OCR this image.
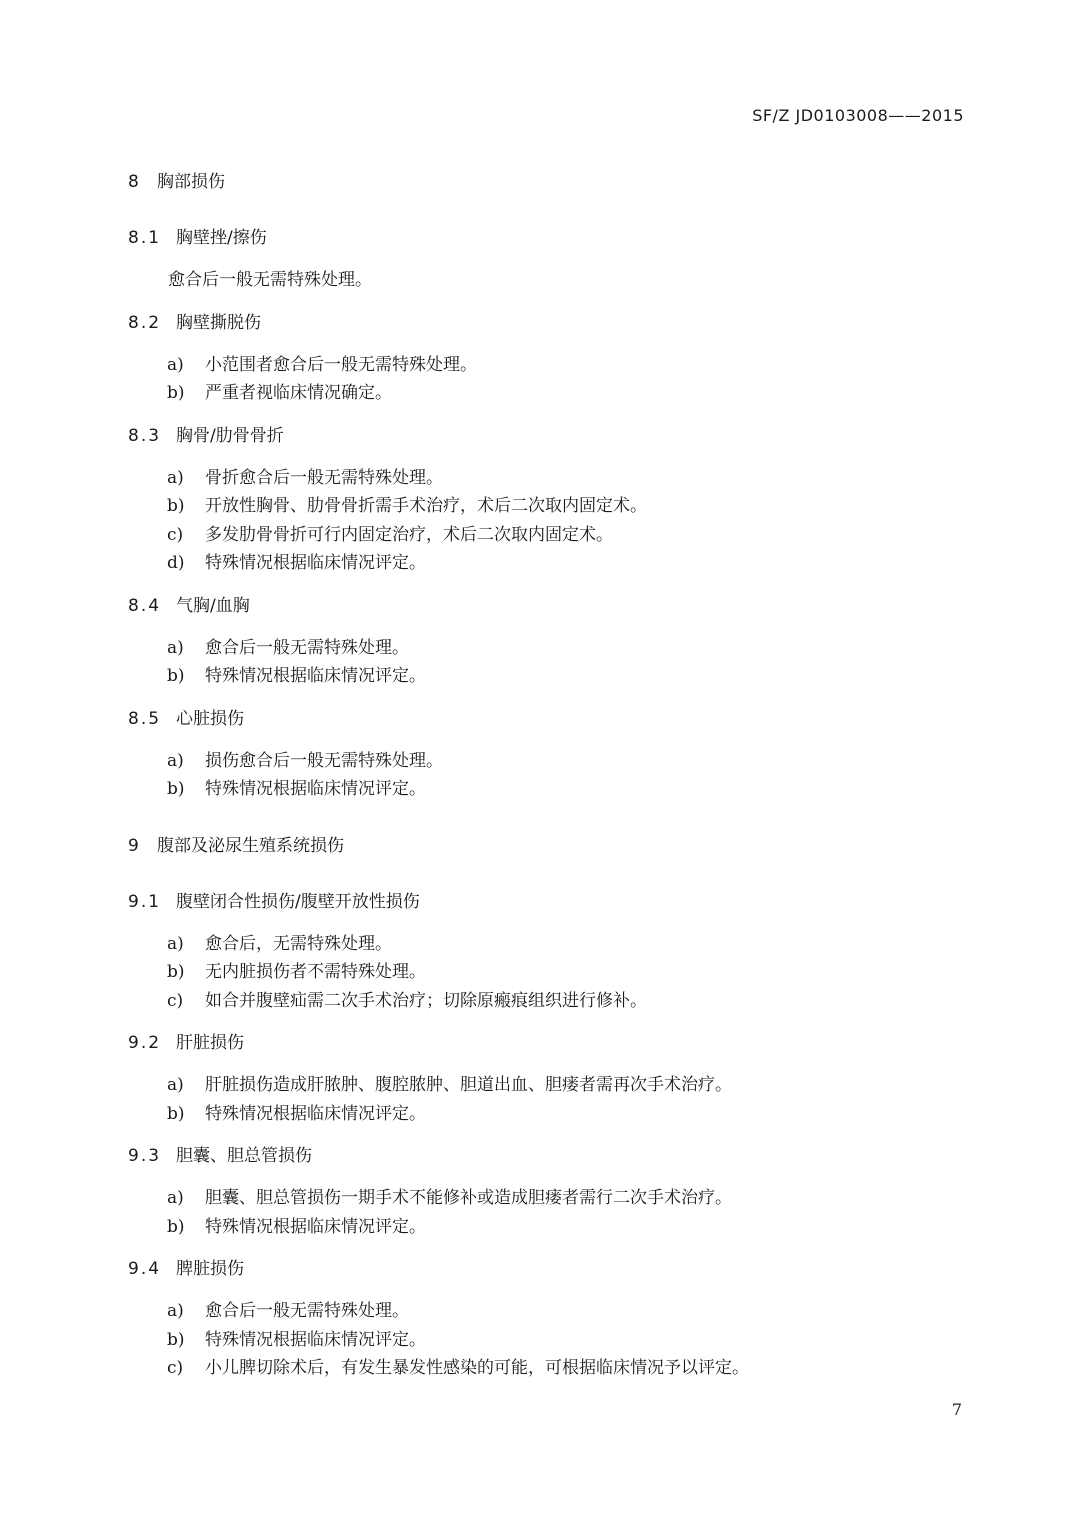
SF/Z JD0103008——2015
8 胸部损伤
8.1 胸壁挫/擦伤
愈合后一般无需特殊处理。
8.2 胸壁撕脱伤
a) 小范围者愈合后一般无需特殊处理。
b) 严重者视临床情况确定。
8.3 胸骨/肋骨骨折
a) 骨折愈合后一般无需特殊处理。
b) 开放性胸骨、肋骨骨折需手术治疗，术后二次取内固定术。
c) 多发肋骨骨折可行内固定治疗，术后二次取内固定术。
d) 特殊情况根据临床情况评定。
8.4 气胸/血胸
a) 愈合后一般无需特殊处理。
b) 特殊情况根据临床情况评定。
8.5 心脏损伤
a) 损伤愈合后一般无需特殊处理。
b) 特殊情况根据临床情况评定。
9 腹部及泌尿生殖系统损伤
9.1 腹壁闭合性损伤/腹壁开放性损伤
a) 愈合后，无需特殊处理。
b) 无内脏损伤者不需特殊处理。
c) 如合并腹壁疝需二次手术治疗；切除原瘢痕组织进行修补。
9.2 肝脏损伤
a) 肝脏损伤造成肝脓肿、腹腔脓肿、胆道出血、胆瘘者需再次手术治疗。
b) 特殊情况根据临床情况评定。
9.3 胆囊、胆总管损伤
a) 胆囊、胆总管损伤一期手术不能修补或造成胆瘘者需行二次手术治疗。
b) 特殊情况根据临床情况评定。
9.4 脾脏损伤
a) 愈合后一般无需特殊处理。
b) 特殊情况根据临床情况评定。
c) 小儿脾切除术后，有发生暴发性感染的可能，可根据临床情况予以评定。
7
